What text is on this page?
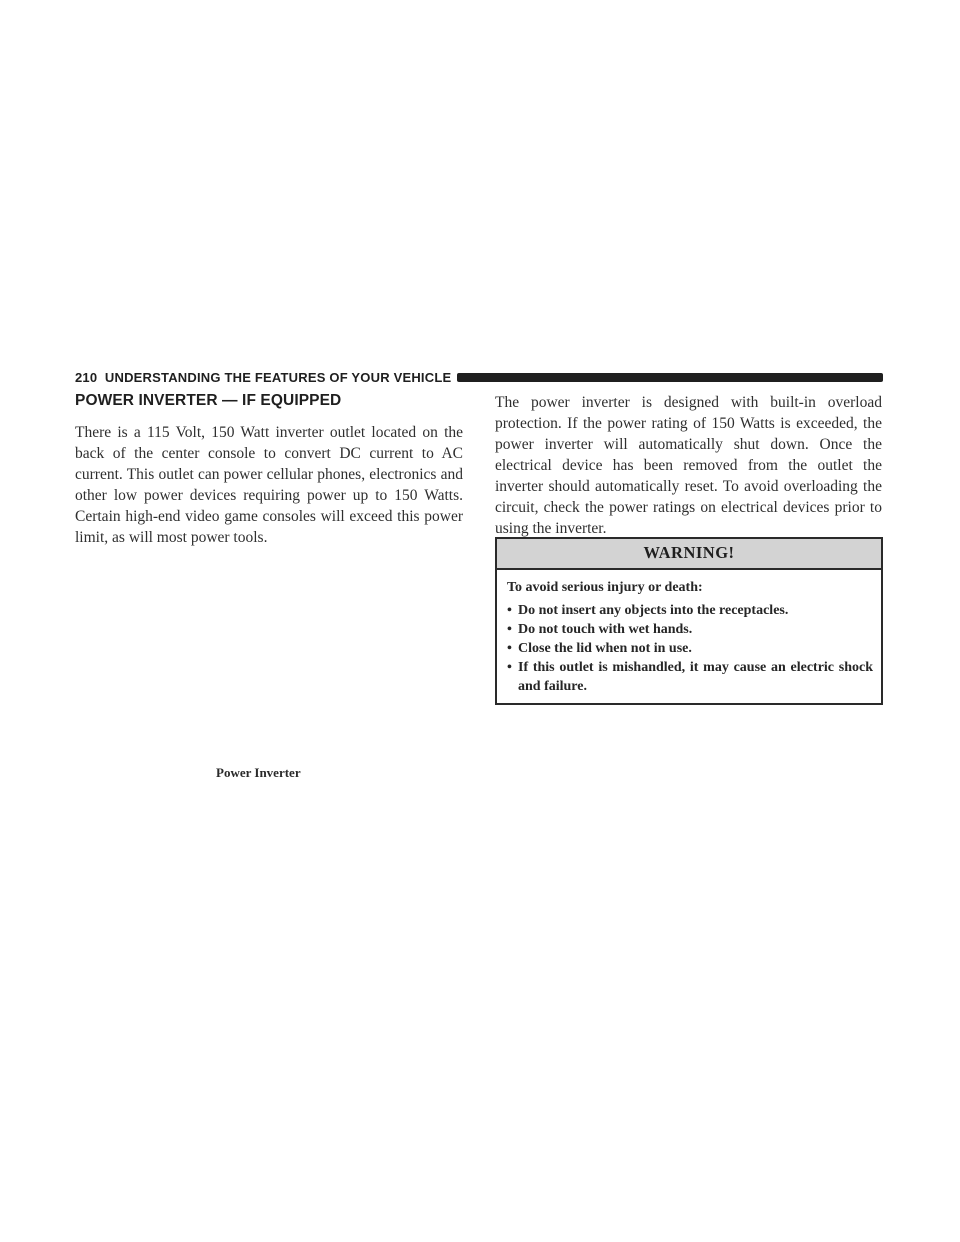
210 UNDERSTANDING THE FEATURES OF YOUR VEHICLE
POWER INVERTER — IF EQUIPPED

There is a 115 Volt, 150 Watt inverter outlet located on the back of the center console to convert DC current to AC current. This outlet can power cellular phones, electronics and other low power devices requiring power up to 150 Watts. Certain high-end video game consoles will exceed this power limit, as will most power tools.

Power Inverter

The power inverter is designed with built-in overload protection. If the power rating of 150 Watts is exceeded, the power inverter will automatically shut down. Once the electrical device has been removed from the outlet the inverter should automatically reset. To avoid overloading the circuit, check the power ratings on electrical devices prior to using the inverter.

WARNING!

To avoid serious injury or death:

• Do not insert any objects into the receptacles.
• Do not touch with wet hands.
• Close the lid when not in use.
• If this outlet is mishandled, it may cause an electric shock and failure.
